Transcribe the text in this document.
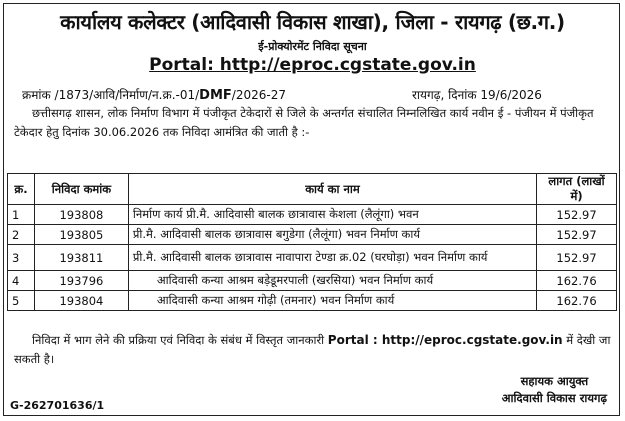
कार्यालय कलेक्टर (आदिवासी विकास शाखा), जिला - रायगढ़ (छ.ग.)
ई-प्रोक्योरमेंट निविदा सूचना
Portal: http://eproc.cgstate.gov.in
क्रमांक /1873/आवि/निर्माण/न.क्र.-01/DMF/2026-27	रायगढ़, दिनांक 19/6/2026
छत्तीसगढ़ शासन, लोक निर्माण विभाग में पंजीकृत टेकेदारों से जिले के अन्तर्गत संचालित निम्नलिखित कार्य नवीन ई - पंजीयन में पंजीकृत टेकेदार हेतु दिनांक 30.06.2026 तक निविदा आमंत्रित की जाती है :-
क्र.	निविदा कमांक	कार्य का नाम	लागत (लाखों में)
1	193808	निर्माण कार्य प्री.मै. आदिवासी बालक छात्रावास केशला (लैलूंगा) भवन	152.97
2	193805	प्री.मै. आदिवासी बालक छात्रावास बगुडेगा (लैलूंगा) भवन निर्माण कार्य	152.97
3	193811	प्री.मै. आदिवासी बालक छात्रावास नावापारा टेण्डा क्र.02 (घरघोड़ा) भवन निर्माण कार्य	152.97
4	193796	आदिवासी कन्या आश्रम बड़ेडूमरपाली (खरसिया) भवन निर्माण कार्य	162.76
5	193804	आदिवासी कन्या आश्रम गोढ़ी (तमनार) भवन निर्माण कार्य	162.76
निविदा में भाग लेने की प्रक्रिया एवं निविदा के संबंध में विस्तृत जानकारी Portal : http://eproc.cgstate.gov.in में देखी जा सकती है।
सहायक आयुक्त
आदिवासी विकास रायगढ़
G-262701636/1
